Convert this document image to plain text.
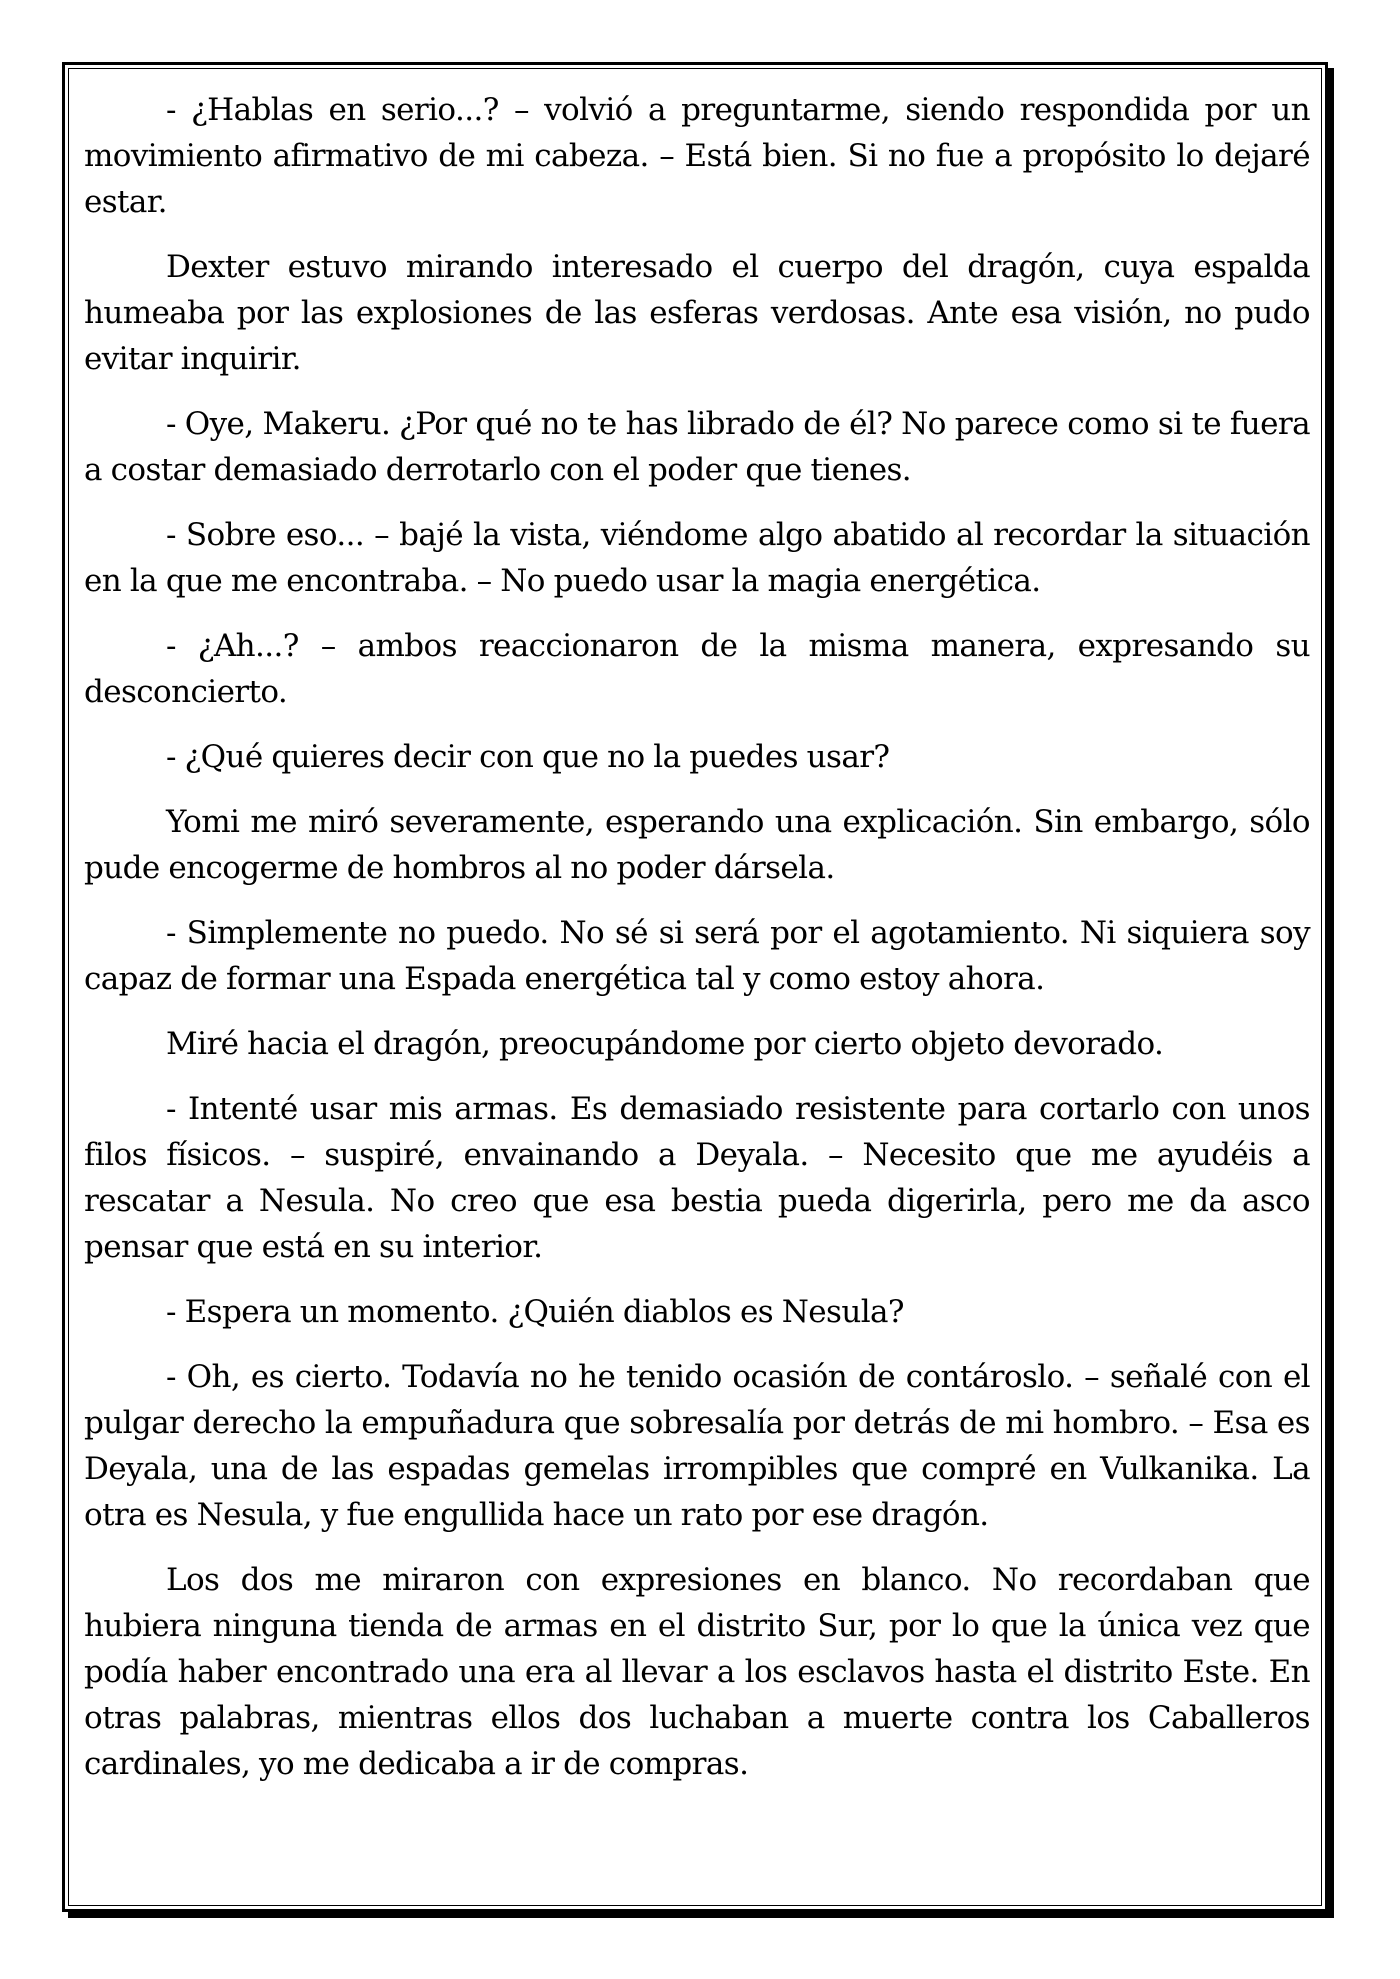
- ¿Hablas en serio...? – volvió a preguntarme, siendo respondida por un movimiento afirmativo de mi cabeza. – Está bien. Si no fue a propósito lo dejaré estar.

Dexter estuvo mirando interesado el cuerpo del dragón, cuya espalda humeaba por las explosiones de las esferas verdosas. Ante esa visión, no pudo evitar inquirir.

- Oye, Makeru. ¿Por qué no te has librado de él? No parece como si te fuera a costar demasiado derrotarlo con el poder que tienes.

- Sobre eso... – bajé la vista, viéndome algo abatido al recordar la situación en la que me encontraba. – No puedo usar la magia energética.

- ¿Ah...? – ambos reaccionaron de la misma manera, expresando su desconcierto.

- ¿Qué quieres decir con que no la puedes usar?

Yomi me miró severamente, esperando una explicación. Sin embargo, sólo pude encogerme de hombros al no poder dársela.

- Simplemente no puedo. No sé si será por el agotamiento. Ni siquiera soy capaz de formar una Espada energética tal y como estoy ahora.

Miré hacia el dragón, preocupándome por cierto objeto devorado.

- Intenté usar mis armas. Es demasiado resistente para cortarlo con unos filos físicos. – suspiré, envainando a Deyala. – Necesito que me ayudéis a rescatar a Nesula. No creo que esa bestia pueda digerirla, pero me da asco pensar que está en su interior.

- Espera un momento. ¿Quién diablos es Nesula?

- Oh, es cierto. Todavía no he tenido ocasión de contároslo. – señalé con el pulgar derecho la empuñadura que sobresalía por detrás de mi hombro. – Esa es Deyala, una de las espadas gemelas irrompibles que compré en Vulkanika. La otra es Nesula, y fue engullida hace un rato por ese dragón.

Los dos me miraron con expresiones en blanco. No recordaban que hubiera ninguna tienda de armas en el distrito Sur, por lo que la única vez que podía haber encontrado una era al llevar a los esclavos hasta el distrito Este. En otras palabras, mientras ellos dos luchaban a muerte contra los Caballeros cardinales, yo me dedicaba a ir de compras.
